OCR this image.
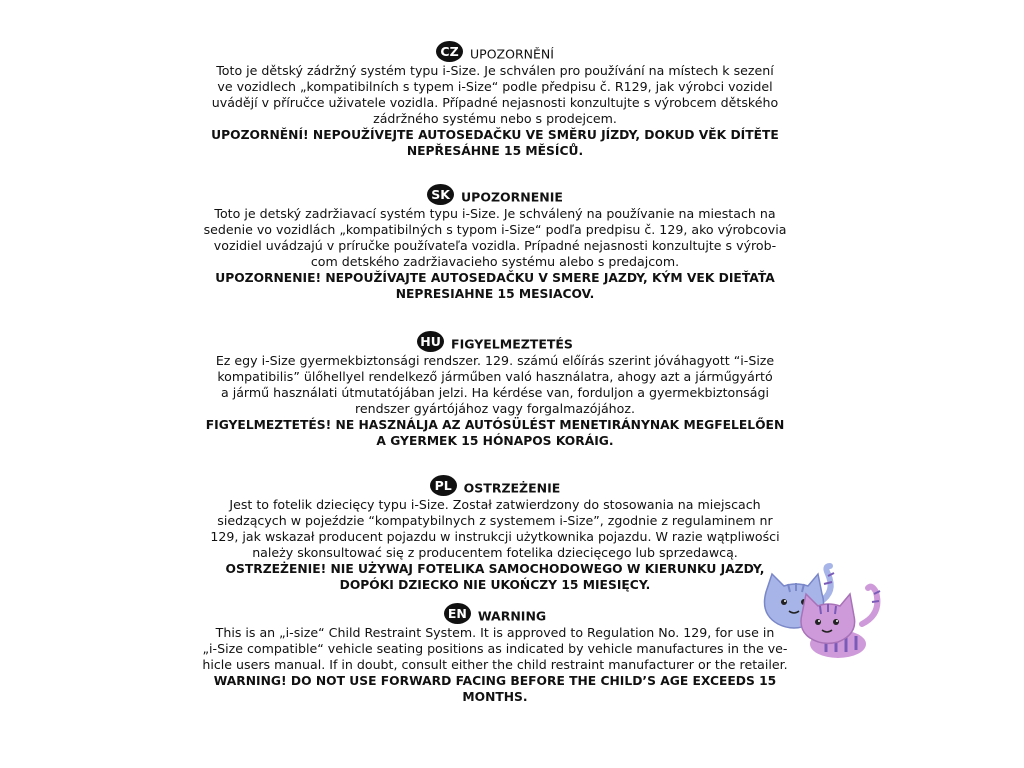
CZ UPOZORNĚNÍ

Toto je dětský zádržný systém typu i-Size. Je schválen pro používání na místech k sezení

ve vozidlech „kompatibilních s typem i-Size“ podle předpisu č. R129, jak výrobci vozidel

uvádějí v příručce uživatele vozidla. Případné nejasnosti konzultujte s výrobcem dětského

zádržného systému nebo s prodejcem.

UPOZORNĚNÍ! NEPOUŽÍVEJTE AUTOSEDAČKU VE SMĚRU JÍZDY, DOKUD VĚK DÍTĚTE

NEPŘESÁHNE 15 MĚSÍCŮ.

SK UPOZORNENIE

Toto je detský zadržiavací systém typu i-Size. Je schválený na používanie na miestach na

sedenie vo vozidlách „kompatibilných s typom i-Size“ podľa predpisu č. 129, ako výrobcovia

vozidiel uvádzajú v príručke používateľa vozidla. Prípadné nejasnosti konzultujte s výrob-

com detského zadržiavacieho systému alebo s predajcom.

UPOZORNENIE! NEPOUŽÍVAJTE AUTOSEDAČKU V SMERE JAZDY, KÝM VEK DIEŤAŤA

NEPRESIAHNE 15 MESIACOV.

HU FIGYELMEZTETÉS

Ez egy i-Size gyermekbiztonsági rendszer. 129. számú előírás szerint jóváhagyott “i-Size

kompatibilis” ülőhellyel rendelkező járműben való használatra, ahogy azt a járműgyártó

a jármű használati útmutatójában jelzi. Ha kérdése van, forduljon a gyermekbiztonsági

rendszer gyártójához vagy forgalmazójához.

FIGYELMEZTETÉS! NE HASZNÁLJA AZ AUTÓSÜLÉST MENETIRÁNYNAK MEGFELELŐEN

A GYERMEK 15 HÓNAPOS KORÁIG.

PL OSTRZEŻENIE

Jest to fotelik dziecięcy typu i-Size. Został zatwierdzony do stosowania na miejscach

siedzących w pojeździe “kompatybilnych z systemem i-Size”, zgodnie z regulaminem nr

129, jak wskazał producent pojazdu w instrukcji użytkownika pojazdu. W razie wątpliwości

należy skonsultować się z producentem fotelika dziecięcego lub sprzedawcą.

OSTRZEŻENIE! NIE UŻYWAJ FOTELIKA SAMOCHODOWEGO W KIERUNKU JAZDY,

DOPÓKI DZIECKO NIE UKOŃCZY 15 MIESIĘCY.

EN WARNING

This is an „i-size“ Child Restraint System. It is approved to Regulation No. 129, for use in

„i-Size compatible“ vehicle seating positions as indicated by vehicle manufactures in the ve-

hicle users manual. If in doubt, consult either the child restraint manufacturer or the retailer.

WARNING! DO NOT USE FORWARD FACING BEFORE THE CHILD’S AGE EXCEEDS 15

MONTHS.
